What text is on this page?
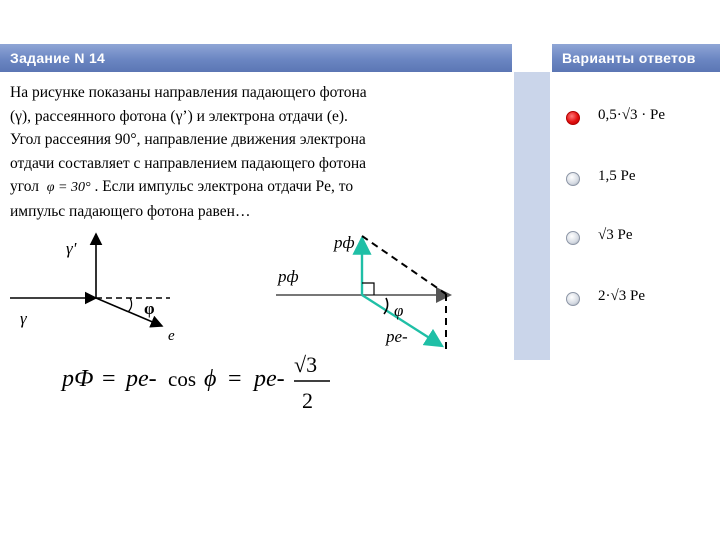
Задание N 14	Варианты ответов
На рисунке показаны направления падающего фотона
(γ), рассеянного фотона (γ’) и электрона отдачи (e).
Угол рассеяния 90°, направление движения электрона
отдачи составляет с направлением падающего фотона
угол φ = 30° . Если импульс электрона отдачи Pe, то
импульс падающего фотона равен…
γ'
γ
φ
e
pф
pф
φ
pe-
pФ = pe- cos ϕ = pe-
√3
2
0,5·√3 · Pe
1,5 Pe
√3 Pe
2·√3 Pe
